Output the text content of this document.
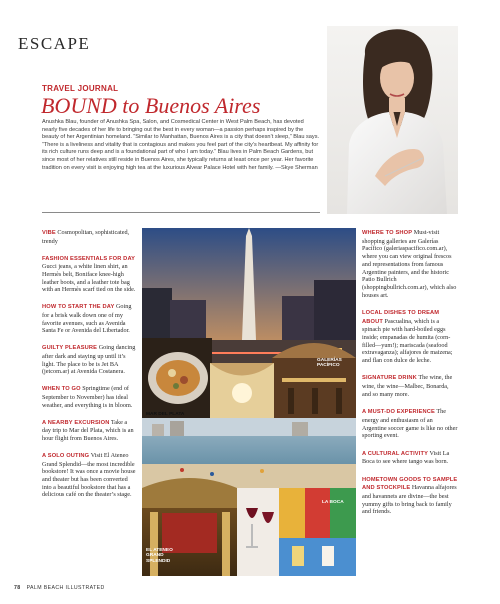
ESCAPE
TRAVEL JOURNAL
BOUND to Buenos Aires

Anushka Blau, founder of Anushka Spa, Salon, and Cosmedical Center in West Palm Beach, has devoted nearly five decades of her life to bringing out the best in every woman—a passion perhaps inspired by the beauty of her Argentinian homeland. “Similar to Manhattan, Buenos Aires is a city that doesn’t sleep,” Blau says. “There is a liveliness and vitality that is contagious and makes you feel part of the city’s heartbeat. My affinity for its rich culture runs deep and is a foundational part of who I am today.” Blau lives in Palm Beach Gardens, but since most of her relatives still reside in Buenos Aires, she typically returns at least once per year. Her favorite tradition on every visit is enjoying high tea at the luxurious Alvear Palace Hotel with her family. —Skye Sherman

VIBE Cosmopolitan, sophisticated, trendy

FASHION ESSENTIALS FOR DAY Gucci jeans, a white linen shirt, an Hermès belt, Boniface knee-high leather boots, and a leather tote bag with an Hermès scarf tied on the side.

HOW TO START THE DAY Going for a brisk walk down one of my favorite avenues, such as Avenida Santa Fe or Avenida del Libertador.

GUILTY PLEASURE Going dancing after dark and staying up until it’s light. The place to be is Jet BA (jetcom.ar) at Avenida Costanera.

WHEN TO GO Springtime (end of September to November) has ideal weather, and everything is in bloom.

A NEARBY EXCURSION Take a day trip to Mar del Plata, which is an hour flight from Buenos Aires.

A SOLO OUTING Visit El Ateneo Grand Splendid—the most incredible bookstore! It was once a movie house and theater but has been converted into a beautiful bookstore that has a delicious café on the theater’s stage.

GALERÍAS PACÍFICO
MAR DEL PLATA
LA BOCA
EL ATENEO GRAND SPLENDID

WHERE TO SHOP Must-visit shopping galleries are Galerías Pacífico (galeriaspacifico.com.ar), where you can view original frescos and representations from famous Argentine painters, and the historic Patio Bullrich (shoppingbullrich.com.ar), which also houses art.

LOCAL DISHES TO DREAM ABOUT Pascualina, which is a spinach pie with hard-boiled eggs inside; empanadas de humita (corn-filled—yum!); mariscada (seafood extravaganza); alfajores de maizena; and flan con dulce de leche.

SIGNATURE DRINK The wine, the wine, the wine—Malbec, Bonarda, and so many more.

A MUST-DO EXPERIENCE The energy and enthusiasm of an Argentine soccer game is like no other sporting event.

A CULTURAL ACTIVITY Visit La Boca to see where tango was born.

HOMETOWN GOODS TO SAMPLE AND STOCKPILE Havanna alfajores and havannets are divine—the best yummy gifts to bring back to family and friends.

78 PALM BEACH ILLUSTRATED
